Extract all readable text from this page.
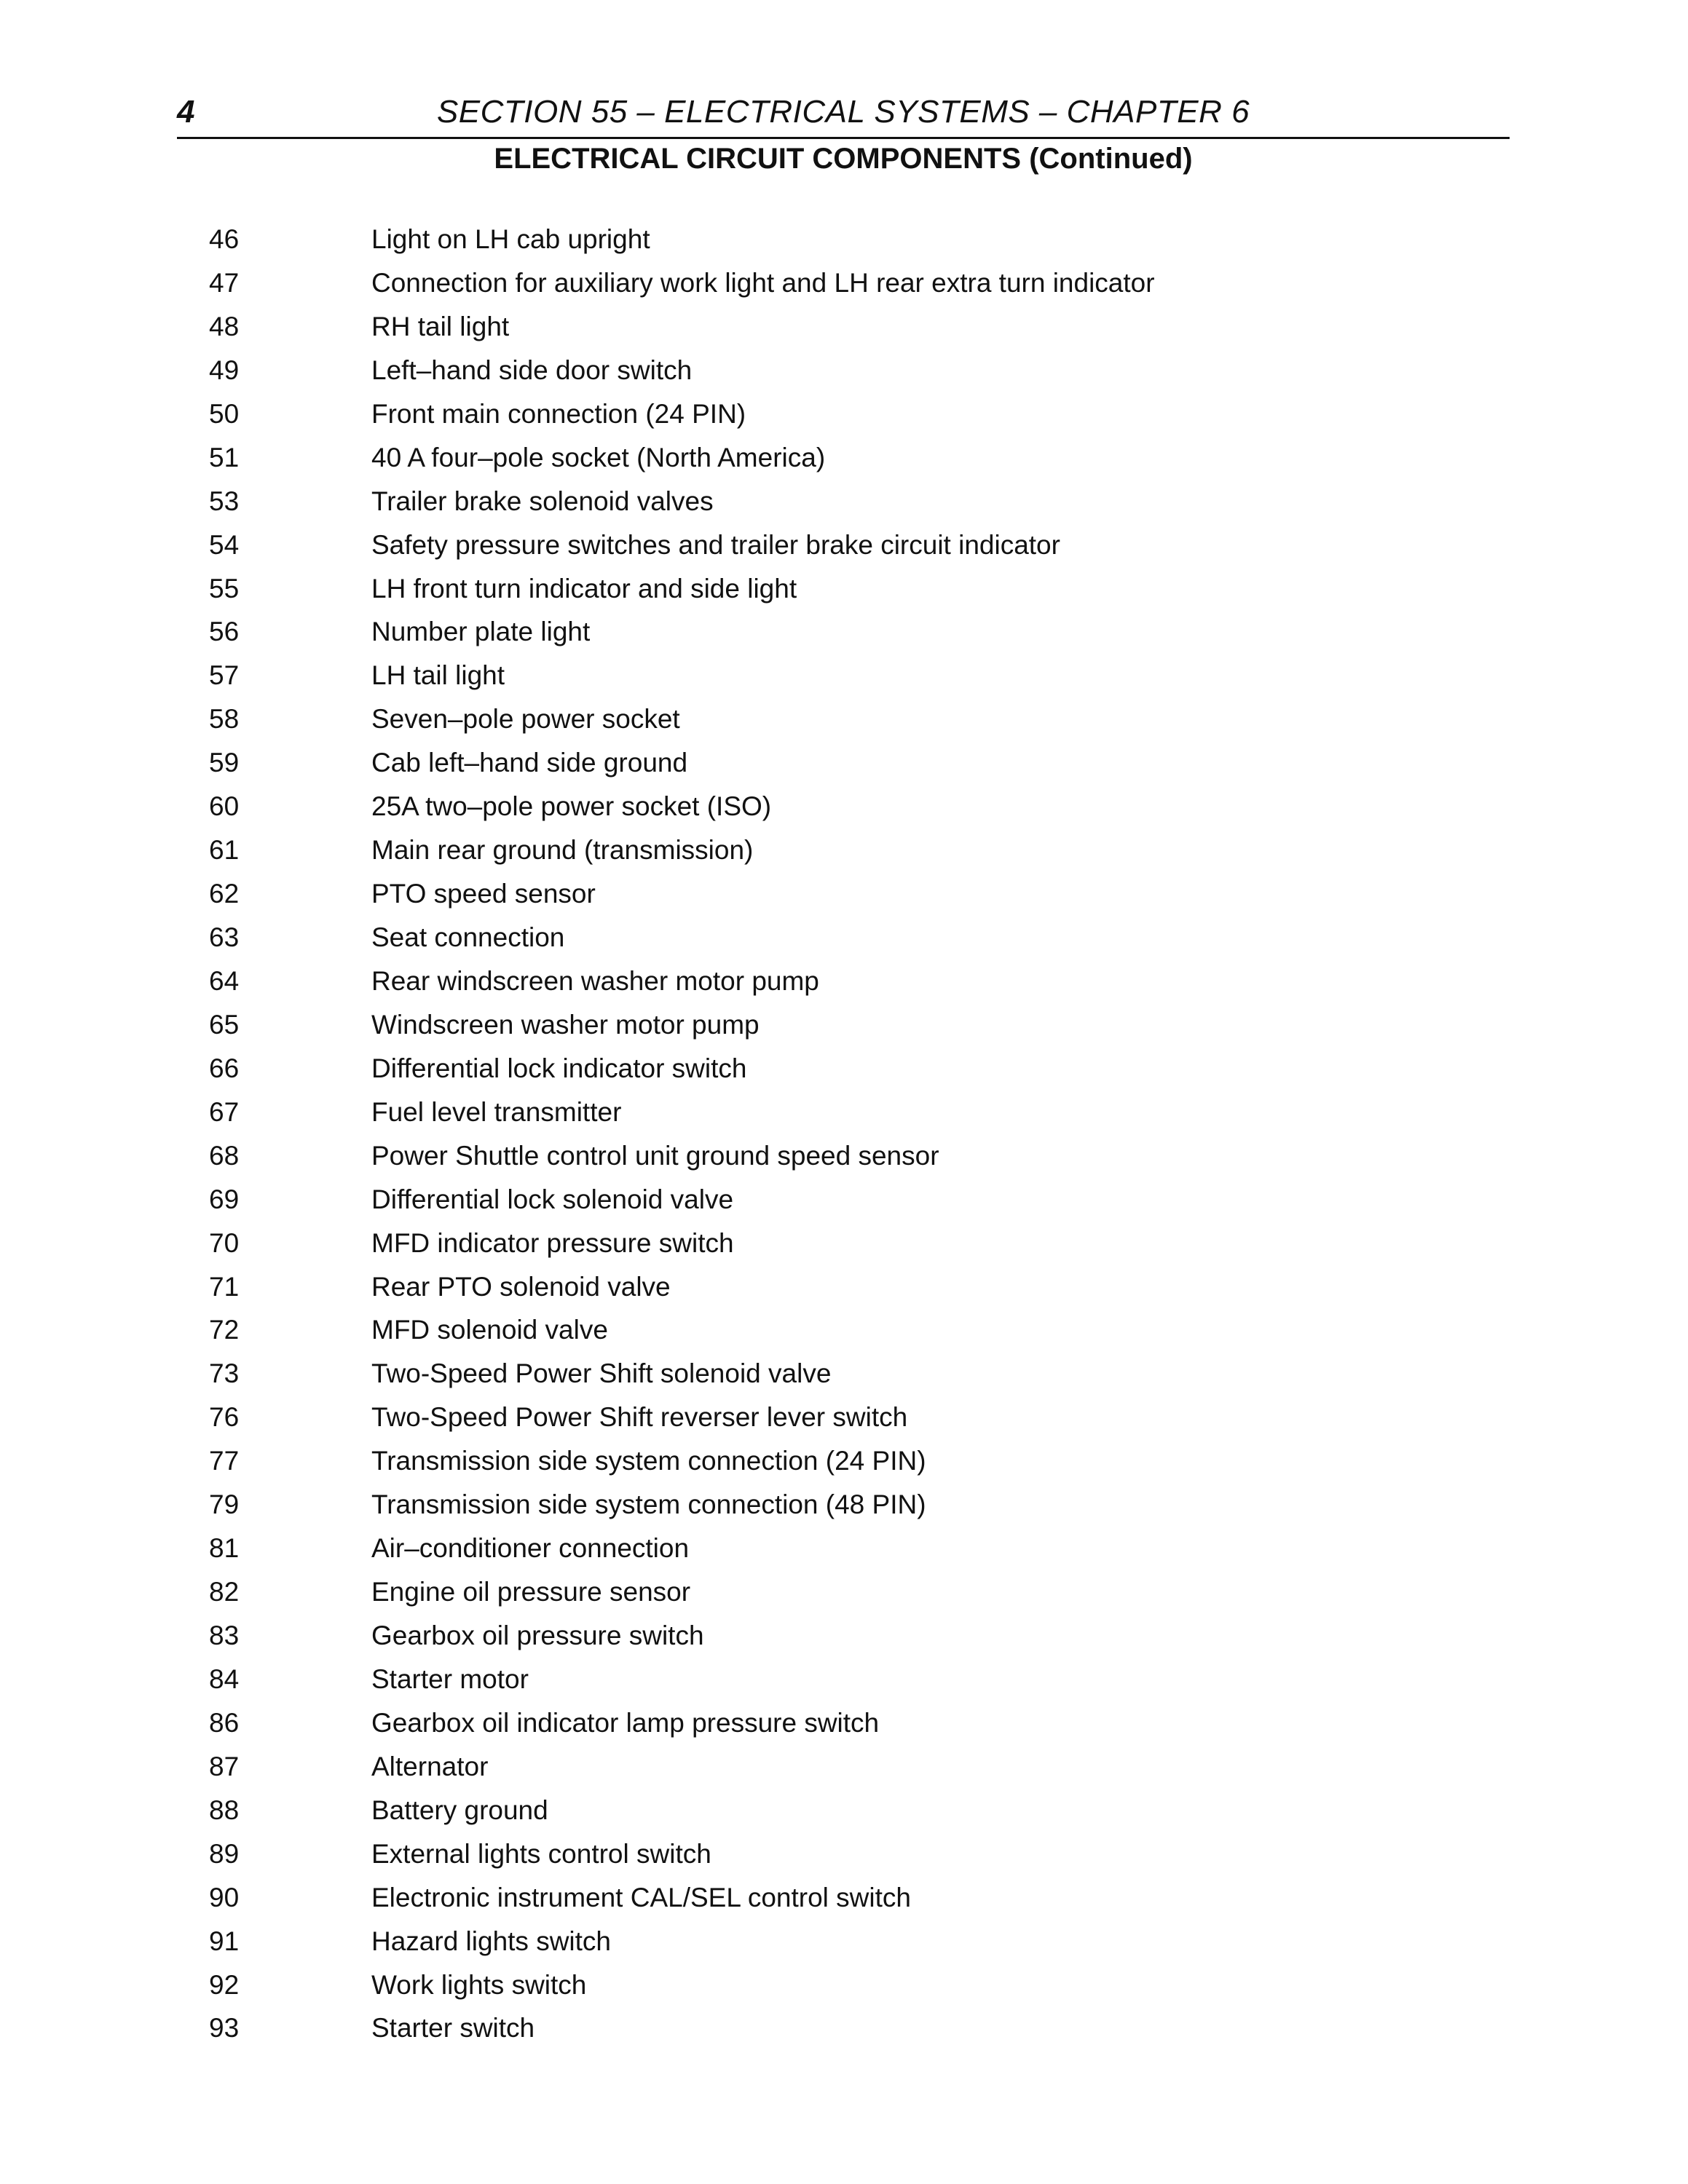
4	SECTION 55 – ELECTRICAL SYSTEMS – CHAPTER 6
ELECTRICAL CIRCUIT COMPONENTS (Continued)
46	Light on LH cab upright
47	Connection for auxiliary work light and LH rear extra turn indicator
48	RH tail light
49	Left–hand side door switch
50	Front main connection (24 PIN)
51	40 A four–pole socket (North America)
53	Trailer brake solenoid valves
54	Safety pressure switches and trailer brake circuit indicator
55	LH front turn indicator and side light
56	Number plate light
57	LH tail light
58	Seven–pole power socket
59	Cab left–hand side ground
60	25A two–pole power socket (ISO)
61	Main rear ground (transmission)
62	PTO speed sensor
63	Seat connection
64	Rear windscreen washer motor pump
65	Windscreen washer motor pump
66	Differential lock indicator switch
67	Fuel level transmitter
68	Power Shuttle control unit ground speed sensor
69	Differential lock solenoid valve
70	MFD indicator pressure switch
71	Rear PTO solenoid valve
72	MFD solenoid valve
73	Two-Speed Power Shift solenoid valve
76	Two-Speed Power Shift reverser lever switch
77	Transmission side system connection (24 PIN)
79	Transmission side system connection (48 PIN)
81	Air–conditioner connection
82	Engine oil pressure sensor
83	Gearbox oil pressure switch
84	Starter motor
86	Gearbox oil indicator lamp pressure switch
87	Alternator
88	Battery ground
89	External lights control switch
90	Electronic instrument CAL/SEL control switch
91	Hazard lights switch
92	Work lights switch
93	Starter switch
